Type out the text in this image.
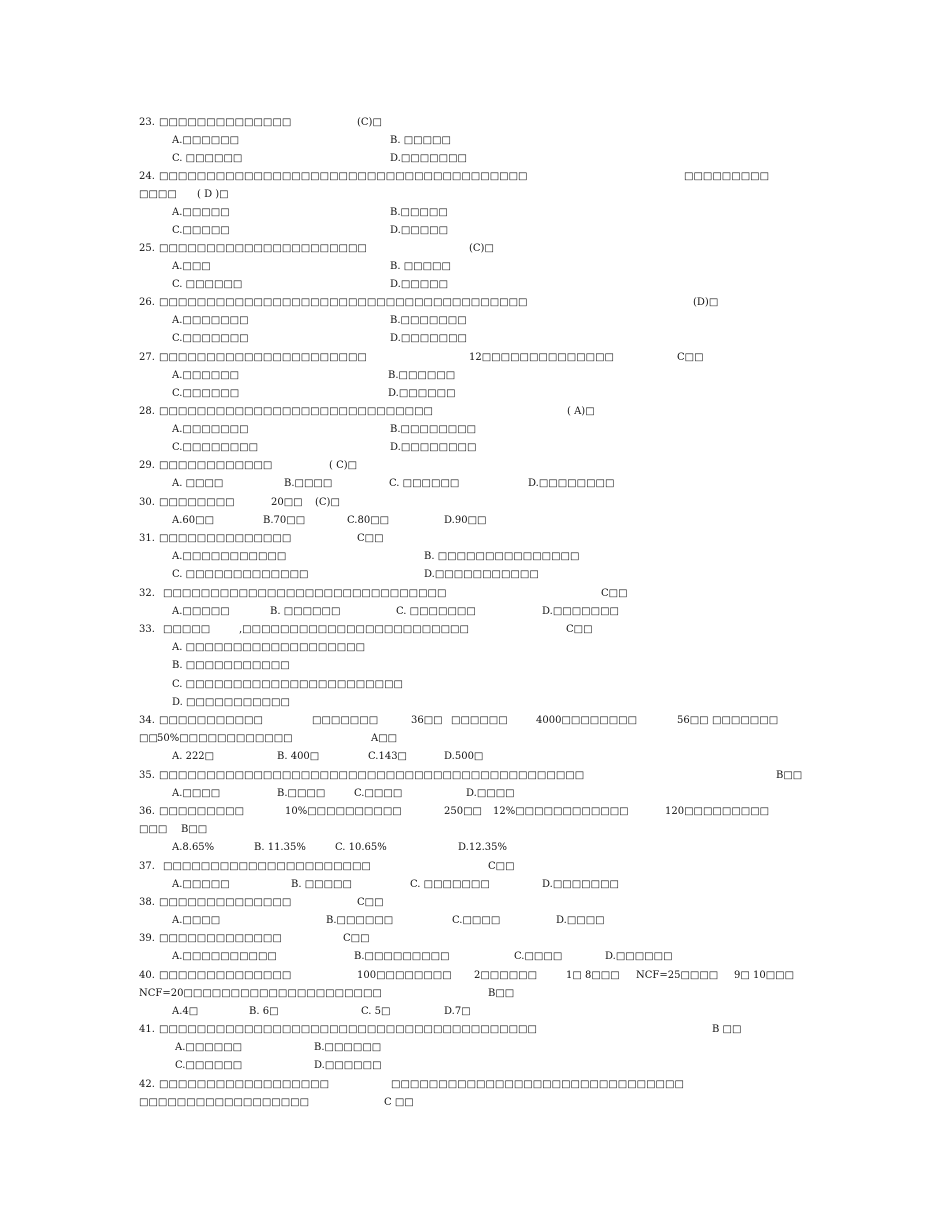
23. □□□□□□□□□□□□□□	(C)□
A.□□□□□□	B. □□□□□
C. □□□□□□	D.□□□□□□□
24. □□□□□□□□□□□□□□□□□□□□□□□□□□□□□□□□□□□□□□□	□□□□□□□□□
□□□□ ( D )□
A.□□□□□	B.□□□□□
C.□□□□□	D.□□□□□
25. □□□□□□□□□□□□□□□□□□□□□□	(C)□
A.□□□	B. □□□□□
C. □□□□□□	D.□□□□□
26. □□□□□□□□□□□□□□□□□□□□□□□□□□□□□□□□□□□□□□□	(D)□
A.□□□□□□□	B.□□□□□□□
C.□□□□□□□	D.□□□□□□□
27. □□□□□□□□□□□□□□□□□□□□□□	12□□□□□□□□□□□□□□	C□□
A.□□□□□□	B.□□□□□□
C.□□□□□□	D.□□□□□□
28. □□□□□□□□□□□□□□□□□□□□□□□□□□□□□	( A)□
A.□□□□□□□	B.□□□□□□□□
C.□□□□□□□□	D.□□□□□□□□
29. □□□□□□□□□□□□	( C)□
A. □□□□	B.□□□□	C. □□□□□□	D.□□□□□□□□
30. □□□□□□□□	20□□ (C)□
A.60□□	B.70□□	C.80□□	D.90□□
31. □□□□□□□□□□□□□□	C□□
A.□□□□□□□□□□□	B. □□□□□□□□□□□□□□□
C. □□□□□□□□□□□□□	D.□□□□□□□□□□□
32. □□□□□□□□□□□□□□□□□□□□□□□□□□□□□□	C□□
A.□□□□□	B. □□□□□□	C. □□□□□□□	D.□□□□□□□
33. □□□□□	,□□□□□□□□□□□□□□□□□□□□□□□□	C□□
A. □□□□□□□□□□□□□□□□□□□
B. □□□□□□□□□□□
C. □□□□□□□□□□□□□□□□□□□□□□□
D. □□□□□□□□□□□
34. □□□□□□□□□□□	□□□□□□□	36□□ □□□□□□	4000□□□□□□□□	56□□ □□□□□□□
□□ 50%□□□□□□□□□□□□	A□□
A. 222□	B. 400□	C.143□	D.500□
35. □□□□□□□□□□□□□□□□□□□□□□□□□□□□□□□□□□□□□□□□□□□□□	B□□
A.□□□□	B.□□□□	C.□□□□	D.□□□□
36. □□□□□□□□□	10%□□□□□□□□□□	250□□ 12%□□□□□□□□□□□□	120□□□□□□□□□
□□□ B□□
A.8.65%	B. 11.35%	C. 10.65%	D.12.35%
37. □□□□□□□□□□□□□□□□□□□□□□	C□□
A.□□□□□	B. □□□□□	C. □□□□□□□	D.□□□□□□□
38. □□□□□□□□□□□□□□	C□□
A.□□□□	B.□□□□□□	C.□□□□	D.□□□□
39. □□□□□□□□□□□□□	C□□
A.□□□□□□□□□□	B.□□□□□□□□□	C.□□□□	D.□□□□□□
40. □□□□□□□□□□□□□□	100□□□□□□□□ 2□□□□□□	1□ 8□□□ NCF=25□□□□ 9□ 10□□□
NCF=20□□□□□□□□□□□□□□□□□□□□□	B□□
A.4□	B. 6□	C. 5□	D.7□
41. □□□□□□□□□□□□□□□□□□□□□□□□□□□□□□□□□□□□□□□□	B □□
A.□□□□□□	B.□□□□□□
C.□□□□□□	D.□□□□□□
42. □□□□□□□□□□□□□□□□□□	□□□□□□□□□□□□□□□□□□□□□□□□□□□□□□□
□□□□□□□□□□□□□□□□□□	C □□
